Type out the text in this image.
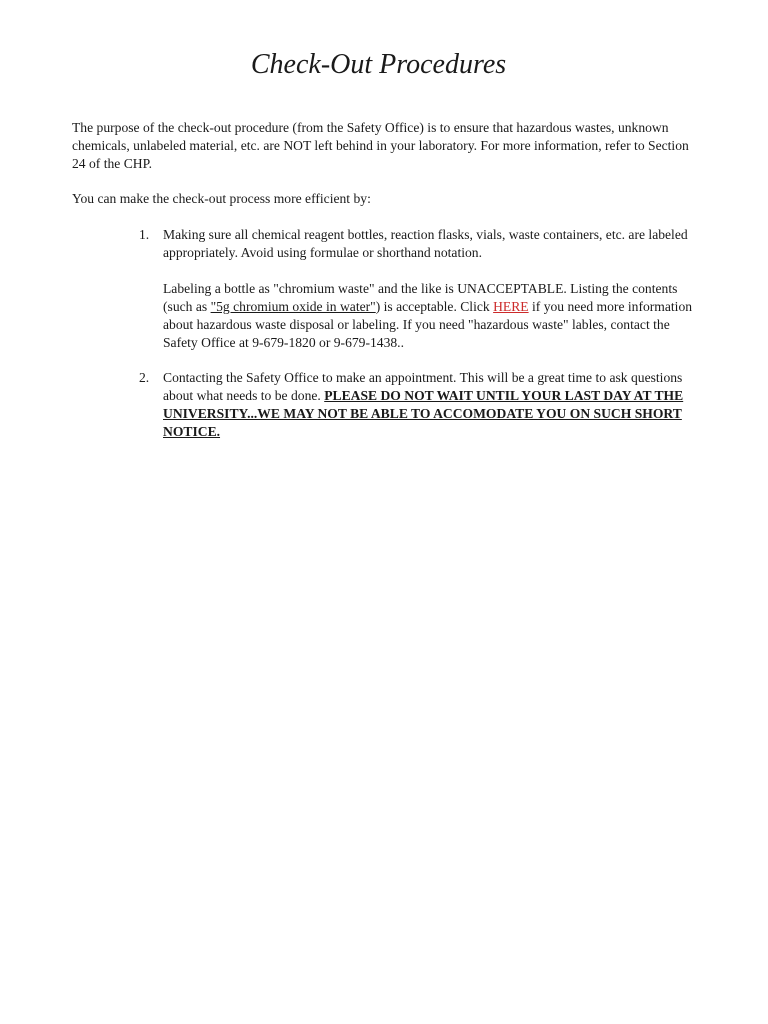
Check-Out Procedures

The purpose of the check-out procedure (from the Safety Office) is to ensure that hazardous wastes, unknown chemicals, unlabeled material, etc. are NOT left behind in your laboratory. For more information, refer to Section 24 of the CHP.

You can make the check-out process more efficient by:

1.	Making sure all chemical reagent bottles, reaction flasks, vials, waste containers, etc. are labeled appropriately. Avoid using formulae or shorthand notation.

Labeling a bottle as "chromium waste" and the like is UNACCEPTABLE. Listing the contents (such as "5g chromium oxide in water") is acceptable. Click HERE if you need more information about hazardous waste disposal or labeling. If you need "hazardous waste" lables, contact the Safety Office at 9-679-1820 or 9-679-1438..

2.	Contacting the Safety Office to make an appointment. This will be a great time to ask questions about what needs to be done. PLEASE DO NOT WAIT UNTIL YOUR LAST DAY AT THE UNIVERSITY...WE MAY NOT BE ABLE TO ACCOMODATE YOU ON SUCH SHORT NOTICE.
